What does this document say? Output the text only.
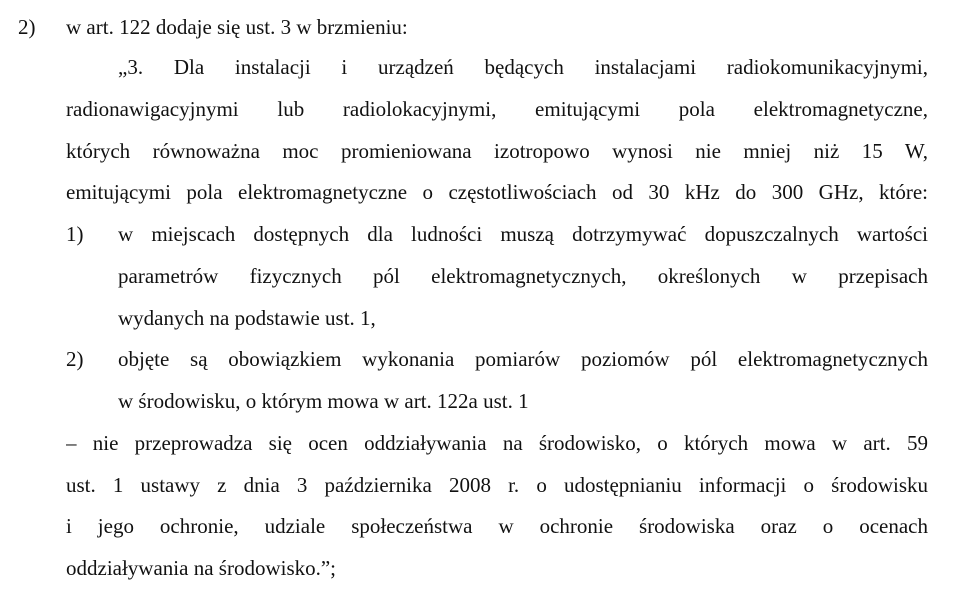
2) w art. 122 dodaje się ust. 3 w brzmieniu:
„3. Dla instalacji i urządzeń będących instalacjami radiokomunikacyjnymi,
radionawigacyjnymi lub radiolokacyjnymi, emitującymi pola elektromagnetyczne,
których równoważna moc promieniowana izotropowo wynosi nie mniej niż 15 W,
emitującymi pola elektromagnetyczne o częstotliwościach od 30 kHz do 300 GHz, które:
1) w miejscach dostępnych dla ludności muszą dotrzymywać dopuszczalnych wartości
parametrów fizycznych pól elektromagnetycznych, określonych w przepisach
wydanych na podstawie ust. 1,
2) objęte są obowiązkiem wykonania pomiarów poziomów pól elektromagnetycznych
w środowisku, o którym mowa w art. 122a ust. 1
– nie przeprowadza się ocen oddziaływania na środowisko, o których mowa w art. 59
ust. 1 ustawy z dnia 3 października 2008 r. o udostępnianiu informacji o środowisku
i jego ochronie, udziale społeczeństwa w ochronie środowiska oraz o ocenach
oddziaływania na środowisko.”;
